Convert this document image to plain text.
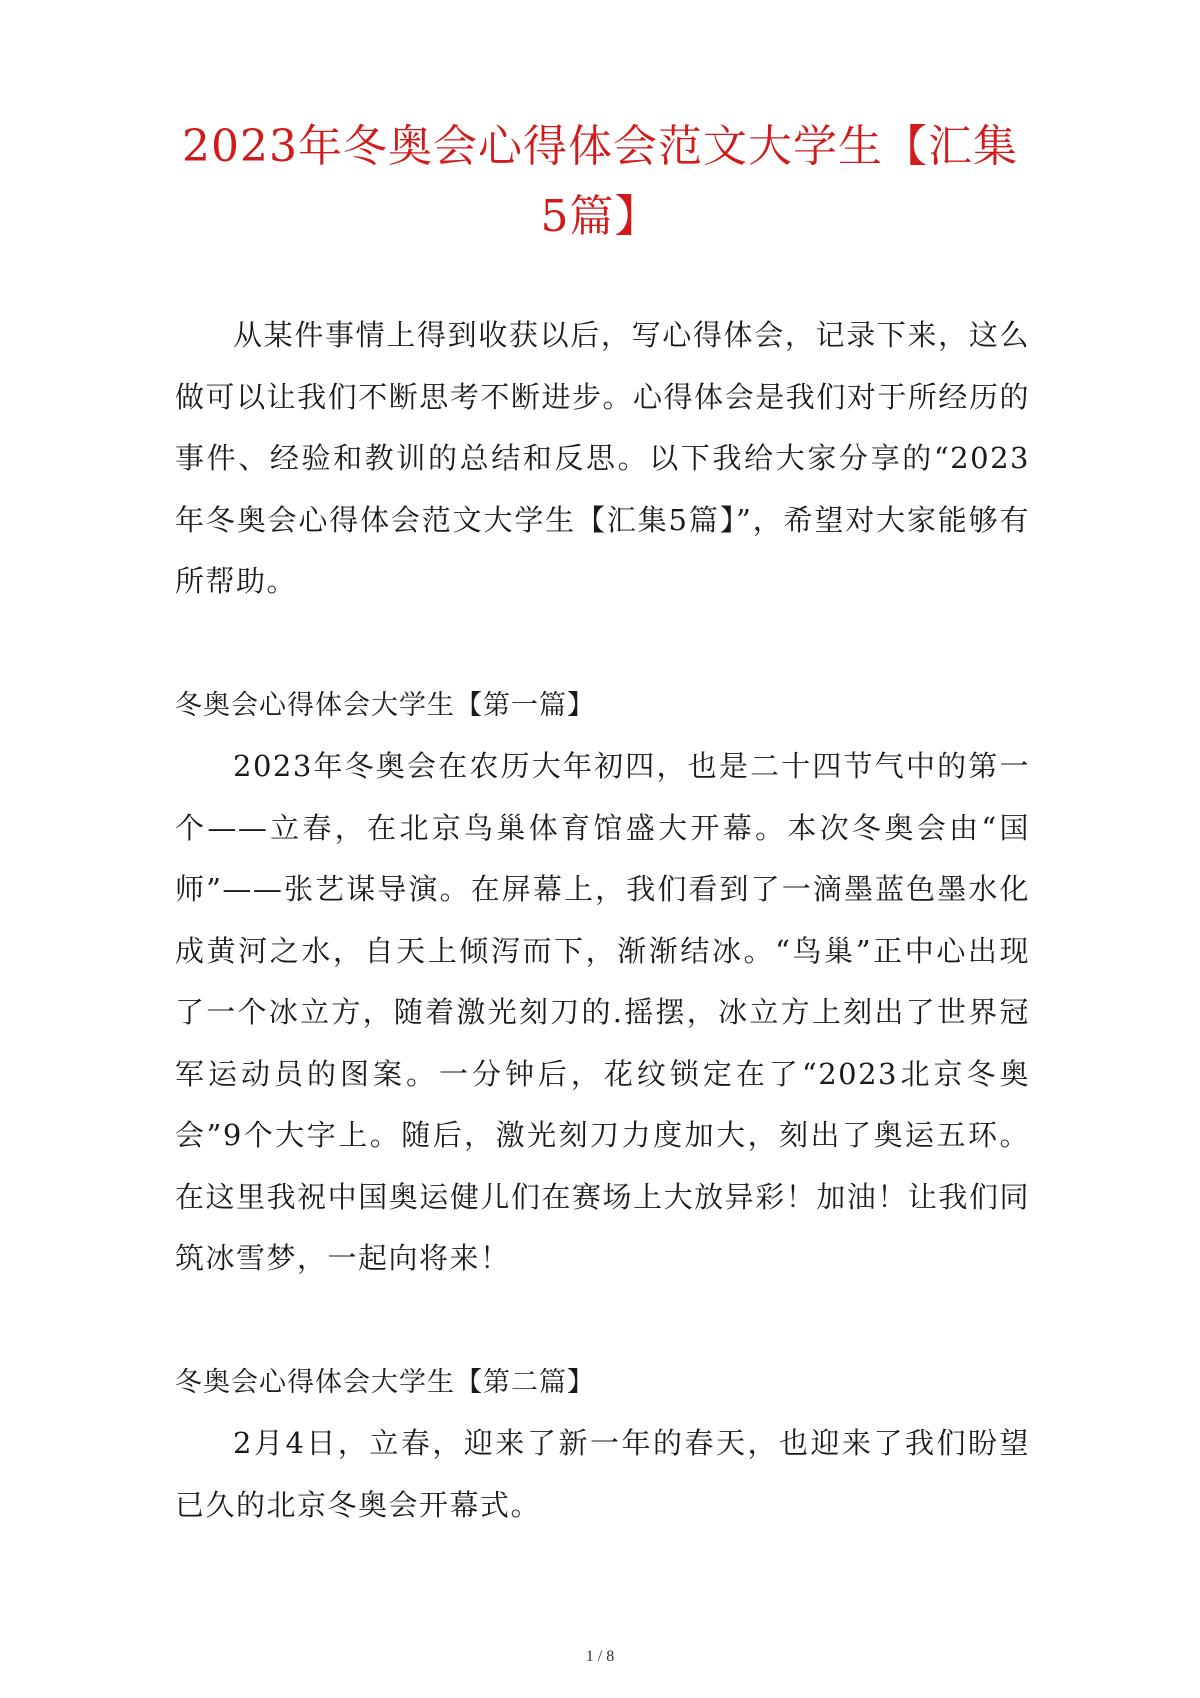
2023年冬奥会心得体会范文大学生【汇集5篇】

从某件事情上得到收获以后，写心得体会，记录下来，这么做可以让我们不断思考不断进步。心得体会是我们对于所经历的事件、经验和教训的总结和反思。以下我给大家分享的“2023年冬奥会心得体会范文大学生【汇集5篇】”，希望对大家能够有所帮助。

冬奥会心得体会大学生【第一篇】

2023年冬奥会在农历大年初四，也是二十四节气中的第一个——立春，在北京鸟巢体育馆盛大开幕。本次冬奥会由“国师”——张艺谋导演。在屏幕上，我们看到了一滴墨蓝色墨水化成黄河之水，自天上倾泻而下，渐渐结冰。“鸟巢”正中心出现了一个冰立方，随着激光刻刀的.摇摆，冰立方上刻出了世界冠军运动员的图案。一分钟后，花纹锁定在了“2023北京冬奥会”9个大字上。随后，激光刻刀力度加大，刻出了奥运五环。在这里我祝中国奥运健儿们在赛场上大放异彩！加油！让我们同筑冰雪梦，一起向将来！

冬奥会心得体会大学生【第二篇】

2月4日，立春，迎来了新一年的春天，也迎来了我们盼望已久的北京冬奥会开幕式。

1 / 8
